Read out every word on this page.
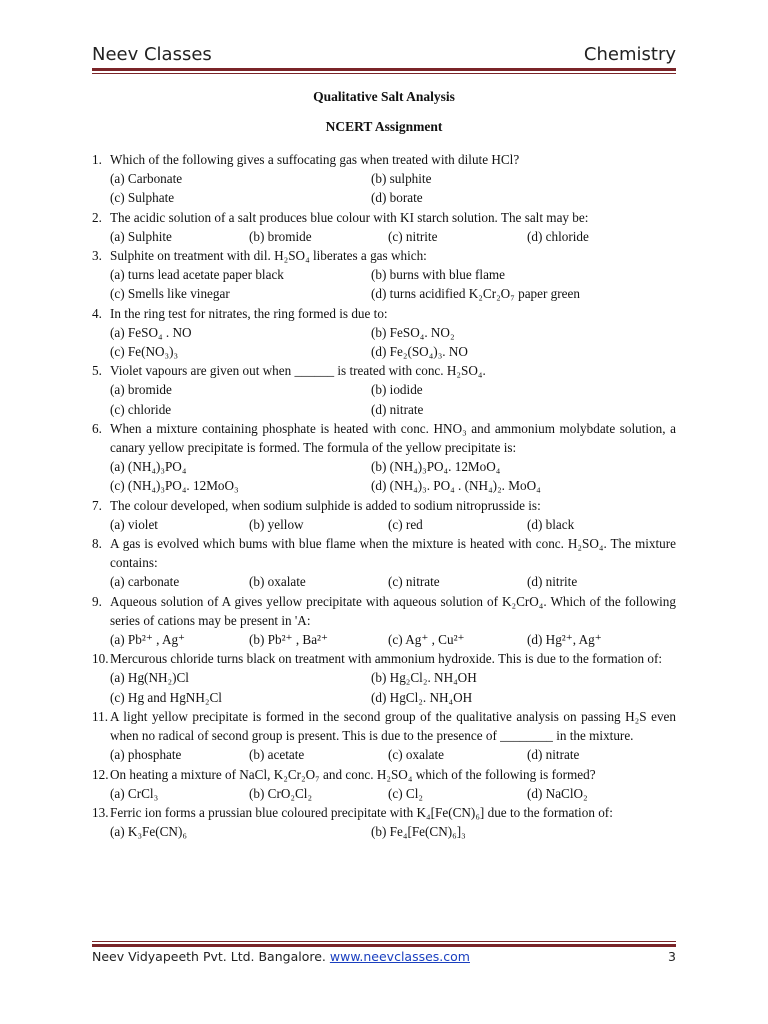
Neev Classes	Chemistry
Qualitative Salt Analysis
NCERT Assignment
1. Which of the following gives a suffocating gas when treated with dilute HCl?
(a) Carbonate	(b) sulphite
(c) Sulphate	(d) borate
2. The acidic solution of a salt produces blue colour with KI starch solution. The salt may be:
(a) Sulphite	(b) bromide	(c) nitrite	(d) chloride
3. Sulphite on treatment with dil. H₂SO₄ liberates a gas which:
(a) turns lead acetate paper black	(b) burns with blue flame
(c) Smells like vinegar	(d) turns acidified K₂Cr₂O₇ paper green
4. In the ring test for nitrates, the ring formed is due to:
(a) FeSO₄ . NO	(b) FeSO₄. NO₂
(c) Fe(NO₃)₃	(d) Fe₂(SO₄)₃. NO
5. Violet vapours are given out when ______ is treated with conc. H₂SO₄.
(a) bromide	(b) iodide
(c) chloride	(d) nitrate
6. When a mixture containing phosphate is heated with conc. HNO₃ and ammonium molybdate solution, a canary yellow precipitate is formed. The formula of the yellow precipitate is:
(a) (NH₄)₃PO₄	(b) (NH₄)₃PO₄. 12MoO₄
(c) (NH₄)₃PO₄. 12MoO₃	(d) (NH₄)₃. PO₄ . (NH₄)₂. MoO₄
7. The colour developed, when sodium sulphide is added to sodium nitroprusside is:
(a) violet	(b) yellow	(c) red	(d) black
8. A gas is evolved which bums with blue flame when the mixture is heated with conc. H₂SO₄. The mixture contains:
(a) carbonate	(b) oxalate	(c) nitrate	(d) nitrite
9. Aqueous solution of A gives yellow precipitate with aqueous solution of K₂CrO₄. Which of the following series of cations may be present in 'A:
(a) Pb²⁺ , Ag⁺	(b) Pb²⁺ , Ba²⁺	(c) Ag⁺ , Cu²⁺	(d) Hg²⁺, Ag⁺
10. Mercurous chloride turns black on treatment with ammonium hydroxide. This is due to the formation of:
(a) Hg(NH₂)Cl	(b) Hg₂Cl₂. NH₄OH
(c) Hg and HgNH₂Cl	(d) HgCl₂. NH₄OH
11. A light yellow precipitate is formed in the second group of the qualitative analysis on passing H₂S even when no radical of second group is present. This is due to the presence of ________ in the mixture.
(a) phosphate	(b) acetate	(c) oxalate	(d) nitrate
12. On heating a mixture of NaCl, K₂Cr₂O₇ and conc. H₂SO₄ which of the following is formed?
(a) CrCl₃	(b) CrO₂Cl₂	(c) Cl₂	(d) NaClO₂
13. Ferric ion forms a prussian blue coloured precipitate with K₄[Fe(CN)₆] due to the formation of:
(a) K₃Fe(CN)₆	(b) Fe₄[Fe(CN)₆]₃
Neev Vidyapeeth Pvt. Ltd. Bangalore. www.neevclasses.com	3
